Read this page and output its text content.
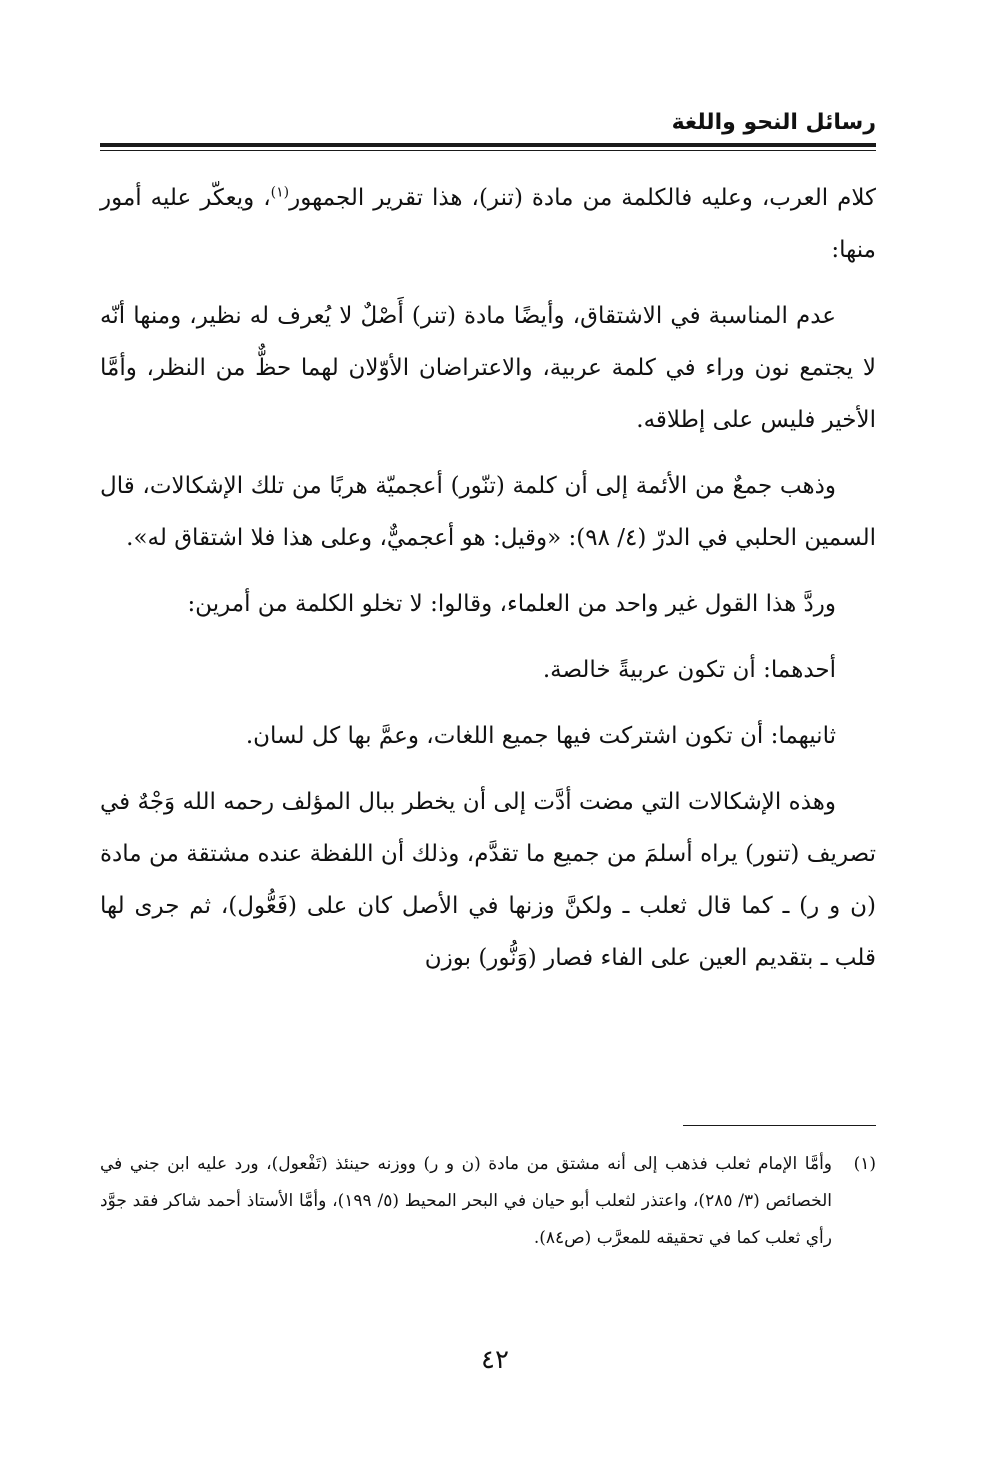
رسائل النحو واللغة

كلام العرب، وعليه فالكلمة من مادة (تنر)، هذا تقرير الجمهور$^{(١)}$، ويعكّر عليه أمور منها:

عدم المناسبة في الاشتقاق، وأيضًا مادة (تنر) أَصْلٌ لا يُعرف له نظير، ومنها أنّه لا يجتمع نون وراء في كلمة عربية، والاعتراضان الأوّلان لهما حظٌّ من النظر، وأمَّا الأخير فليس على إطلاقه.

وذهب جمعٌ من الأئمة إلى أن كلمة (تنّور) أعجميّة هربًا من تلك الإشكالات، قال السمين الحلبي في الدرّ (٤/ ٩٨): «وقيل: هو أعجميٌّ، وعلى هذا فلا اشتقاق له».

وردَّ هذا القول غير واحد من العلماء، وقالوا: لا تخلو الكلمة من أمرين:

أحدهما: أن تكون عربيةً خالصة.

ثانيهما: أن تكون اشتركت فيها جميع اللغات، وعمَّ بها كل لسان.

وهذه الإشكالات التي مضت أدَّت إلى أن يخطر ببال المؤلف رحمه الله وَجْهٌ في تصريف (تنور) يراه أسلمَ من جميع ما تقدَّم، وذلك أن اللفظة عنده مشتقة من مادة (ن و ر) ـ كما قال ثعلب ـ ولكنَّ وزنها في الأصل كان على (فَعُّول)، ثم جرى لها قلب ـ بتقديم العين على الفاء فصار (وَنُّور) بوزن

(١)
وأمَّا الإمام ثعلب فذهب إلى أنه مشتق من مادة (ن و ر) ووزنه حينئذ (تَفْعول)، ورد عليه ابن جني في الخصائص (٣/ ٢٨٥)، واعتذر لثعلب أبو حيان في البحر المحيط (٥/ ١٩٩)، وأمَّا الأستاذ أحمد شاكر فقد جوَّد رأي ثعلب كما في تحقيقه للمعرَّب (ص٨٤).

٤٢
